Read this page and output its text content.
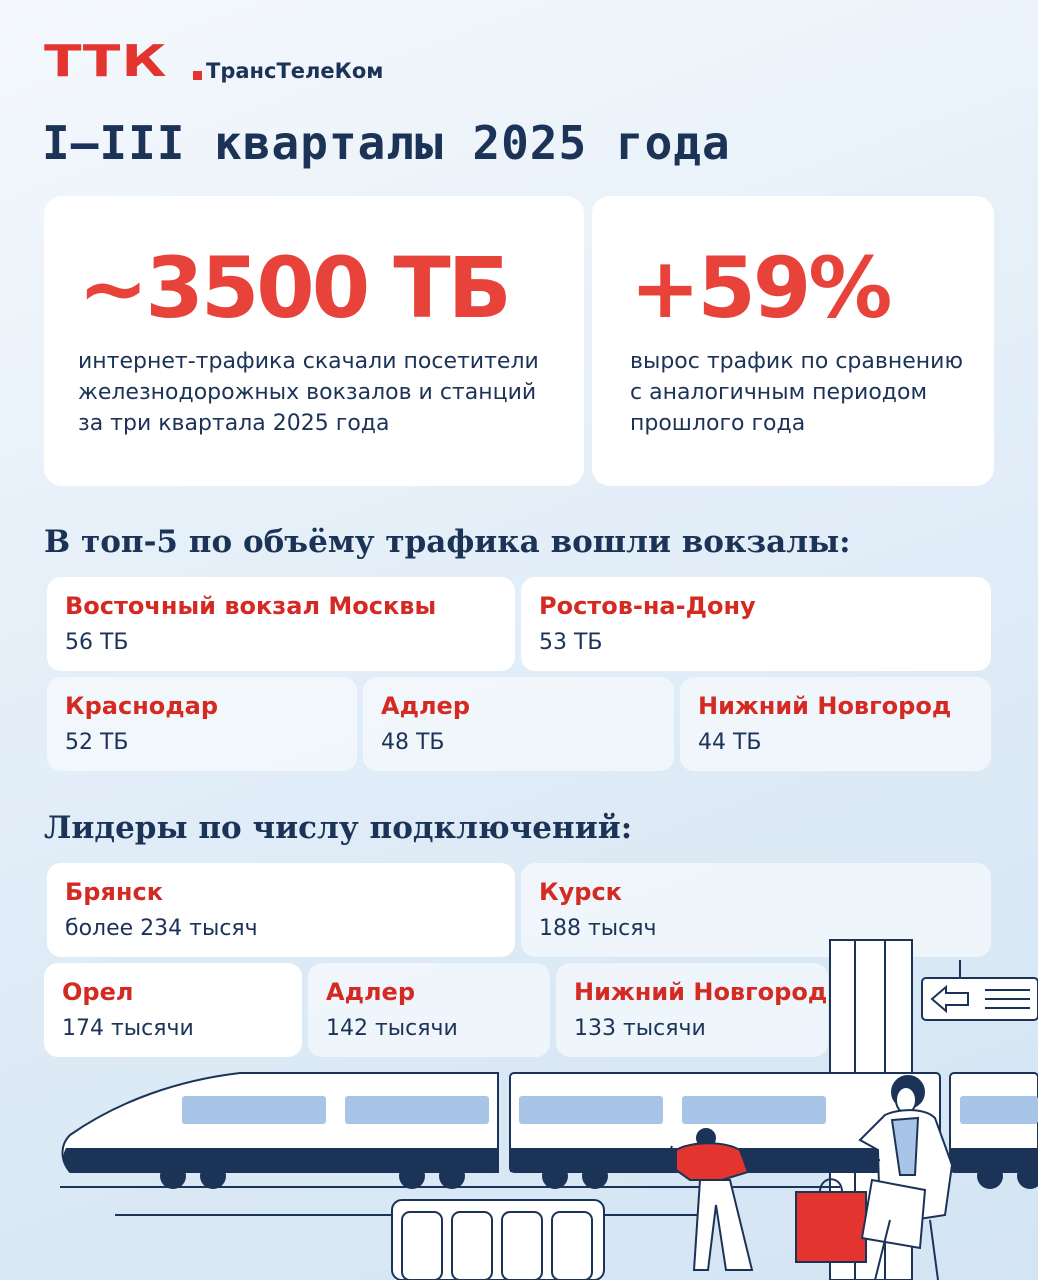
ТТК ТрансТелеКом
I–III кварталы 2025 года
~3500 ТБ
интернет-трафика скачали посетители
железнодорожных вокзалов и станций
за три квартала 2025 года
+59%
вырос трафик по сравнению
с аналогичным периодом
прошлого года
В топ-5 по объёму трафика вошли вокзалы:
Восточный вокзал Москвы
56 ТБ
Ростов-на-Дону
53 ТБ
Краснодар
52 ТБ
Адлер
48 ТБ
Нижний Новгород
44 ТБ
Лидеры по числу подключений:
Брянск
более 234 тысяч
Курск
188 тысяч
Орел
174 тысячи
Адлер
142 тысячи
Нижний Новгород
133 тысячи
